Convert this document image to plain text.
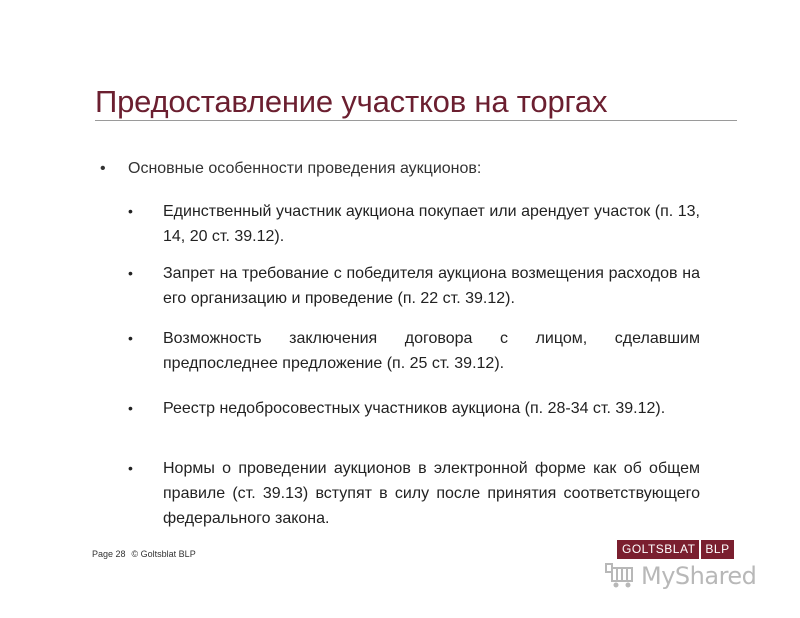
Предоставление участков на торгах
• Основные особенности проведения аукционов:
•	Единственный участник аукциона покупает или арендует участок (п. 13, 14, 20 ст. 39.12).
•	Запрет на требование с победителя аукциона возмещения расходов на его организацию и проведение (п. 22 ст. 39.12).
•	Возможность заключения договора с лицом, сделавшим предпоследнее предложение (п. 25 ст. 39.12).
•	Реестр недобросовестных участников аукциона (п. 28-34 ст. 39.12).
•	Нормы о проведении аукционов в электронной форме как об общем правиле (ст. 39.13) вступят в силу после принятия соответствующего федерального закона.
Page 28 © Goltsblat BLP	GOLTSBLAT BLP
MyShared
